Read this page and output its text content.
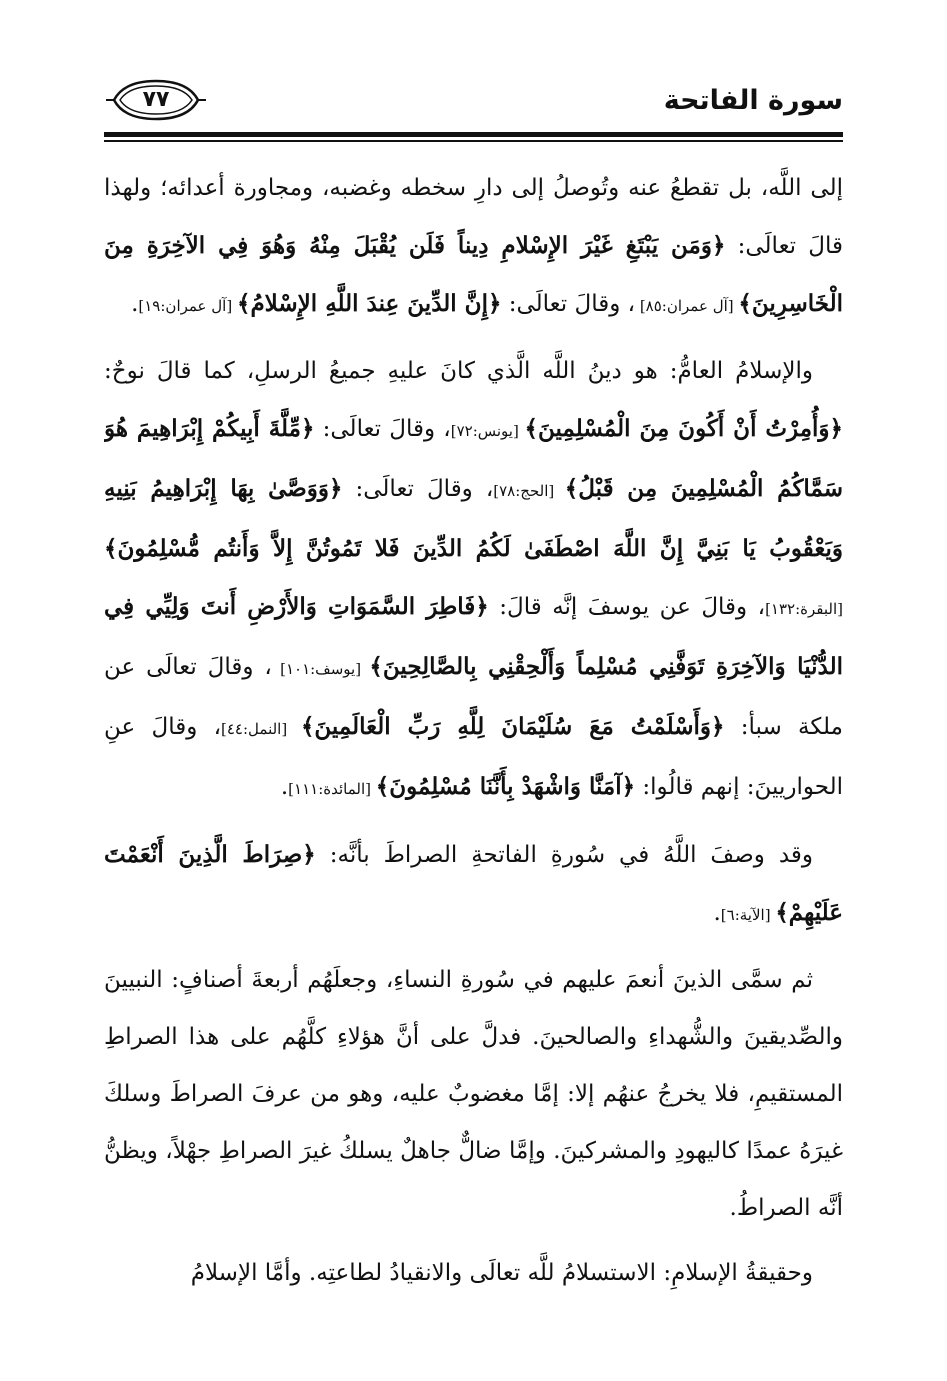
سورة الفاتحة
٧٧

إلى اللَّه، بل تقطعُ عنه وتُوصلُ إلى دارِ سخطه وغضبه، ومجاورة أعدائه؛ ولهذا قالَ تعالَى: ﴿وَمَن يَبْتَغِ غَيْرَ الإِسْلامِ دِيناً فَلَن يُقْبَلَ مِنْهُ وَهُوَ فِي الآخِرَةِ مِنَ الْخَاسِرِينَ﴾ [آل عمران:٨٥] ، وقالَ تعالَى: ﴿إِنَّ الدِّينَ عِندَ اللَّهِ الإِسْلامُ﴾ [آل عمران:١٩].

والإسلامُ العامُّ: هو دينُ اللَّه الَّذي كانَ عليهِ جميعُ الرسلِ، كما قالَ نوحٌ: ﴿وَأُمِرْتُ أَنْ أَكُونَ مِنَ الْمُسْلِمِينَ﴾ [يونس:٧٢]، وقالَ تعالَى: ﴿مِّلَّةَ أَبِيكُمْ إِبْرَاهِيمَ هُوَ سَمَّاكُمُ الْمُسْلِمِينَ مِن قَبْلُ﴾ [الحج:٧٨]، وقالَ تعالَى: ﴿وَوَصَّىٰ بِهَا إِبْرَاهِيمُ بَنِيهِ وَيَعْقُوبُ يَا بَنِيَّ إِنَّ اللَّهَ اصْطَفَىٰ لَكُمُ الدِّينَ فَلا تَمُوتُنَّ إِلاَّ وَأَنتُم مُّسْلِمُونَ﴾ [البقرة:١٣٢]، وقالَ عن يوسفَ إنَّه قالَ: ﴿فَاطِرَ السَّمَوَاتِ وَالأَرْضِ أَنتَ وَلِيِّي فِي الدُّنْيَا وَالآخِرَةِ تَوَفَّنِي مُسْلِماً وَأَلْحِقْنِي بِالصَّالِحِينَ﴾ [يوسف:١٠١] ، وقالَ تعالَى عن ملكة سبأ: ﴿وَأَسْلَمْتُ مَعَ سُلَيْمَانَ لِلَّهِ رَبِّ الْعَالَمِينَ﴾ [النمل:٤٤]، وقالَ عنِ الحواريينَ: إنهم قالُوا: ﴿آمَنَّا وَاشْهَدْ بِأَنَّنَا مُسْلِمُونَ﴾ [المائدة:١١١].

وقد وصفَ اللَّهُ في سُورةِ الفاتحةِ الصراطَ بأنَّه: ﴿صِرَاطَ الَّذِينَ أَنْعَمْتَ عَلَيْهِمْ﴾ [الآية:٦].

ثم سمَّى الذينَ أنعمَ عليهم في سُورةِ النساءِ، وجعلَهُم أربعةَ أصنافٍ: النبيينَ والصِّديقينَ والشُّهداءِ والصالحينَ. فدلَّ على أنَّ هؤلاءِ كلَّهُم على هذا الصراطِ المستقيمِ، فلا يخرجُ عنهُم إلا: إمَّا مغضوبٌ عليه، وهو من عرفَ الصراطَ وسلكَ غيرَهُ عمدًا كاليهودِ والمشركينَ. وإمَّا ضالٌّ جاهلٌ يسلكُ غيرَ الصراطِ جهْلاً، ويظنُّ أنَّه الصراطُ.

وحقيقةُ الإسلامِ: الاستسلامُ للَّه تعالَى والانقيادُ لطاعتِه. وأمَّا الإسلامُ
